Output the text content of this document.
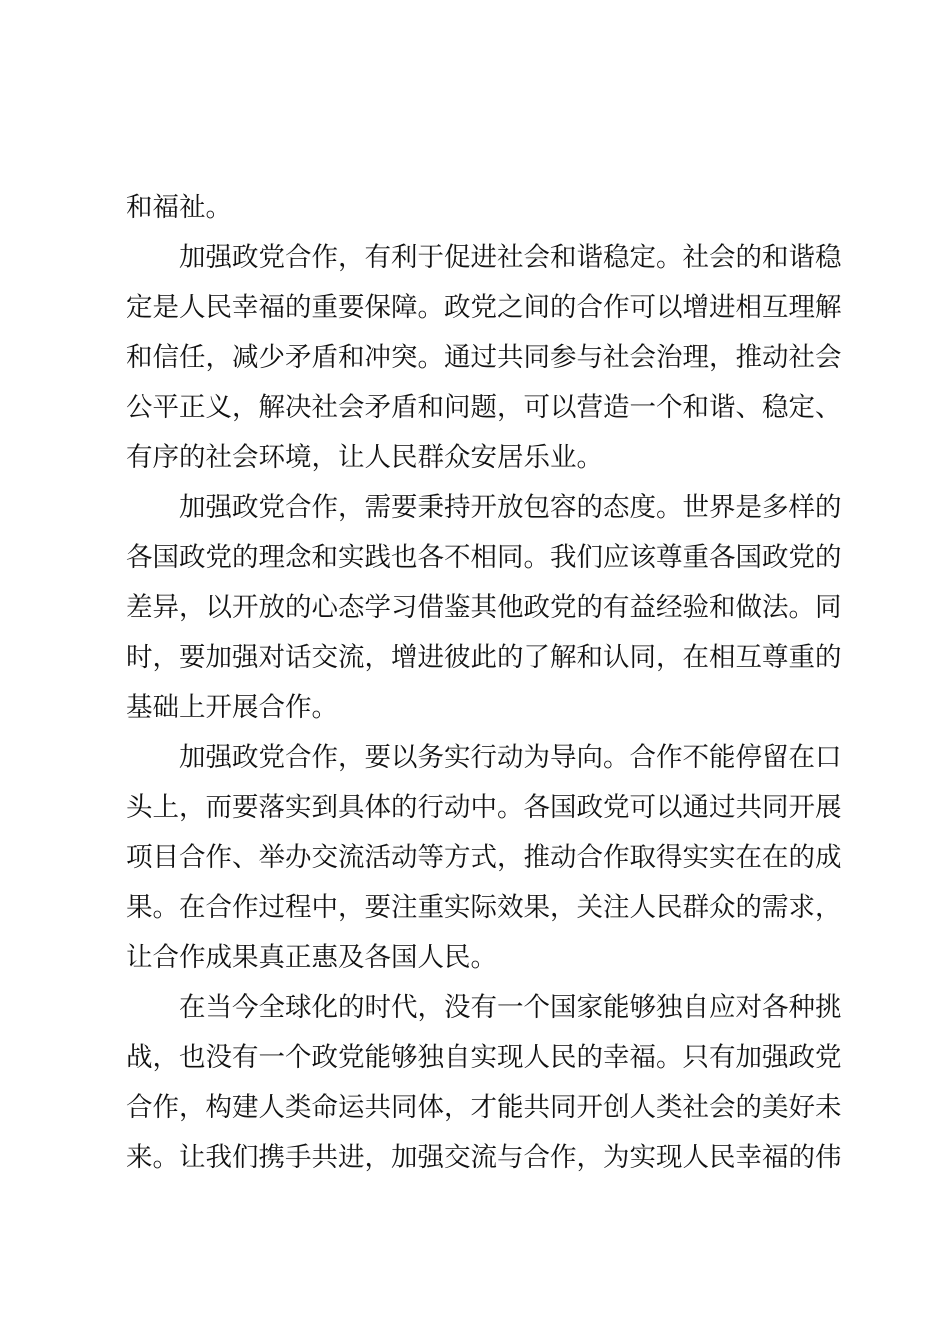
和福祉。
加强政党合作，有利于促进社会和谐稳定。社会的和谐稳
定是人民幸福的重要保障。政党之间的合作可以增进相互理解
和信任，减少矛盾和冲突。通过共同参与社会治理，推动社会
公平正义，解决社会矛盾和问题，可以营造一个和谐、稳定、
有序的社会环境，让人民群众安居乐业。
加强政党合作，需要秉持开放包容的态度。世界是多样的
各国政党的理念和实践也各不相同。我们应该尊重各国政党的
差异，以开放的心态学习借鉴其他政党的有益经验和做法。同
时，要加强对话交流，增进彼此的了解和认同，在相互尊重的
基础上开展合作。
加强政党合作，要以务实行动为导向。合作不能停留在口
头上，而要落实到具体的行动中。各国政党可以通过共同开展
项目合作、举办交流活动等方式，推动合作取得实实在在的成
果。在合作过程中，要注重实际效果，关注人民群众的需求，
让合作成果真正惠及各国人民。
在当今全球化的时代，没有一个国家能够独自应对各种挑
战，也没有一个政党能够独自实现人民的幸福。只有加强政党
合作，构建人类命运共同体，才能共同开创人类社会的美好未
来。让我们携手共进，加强交流与合作，为实现人民幸福的伟
